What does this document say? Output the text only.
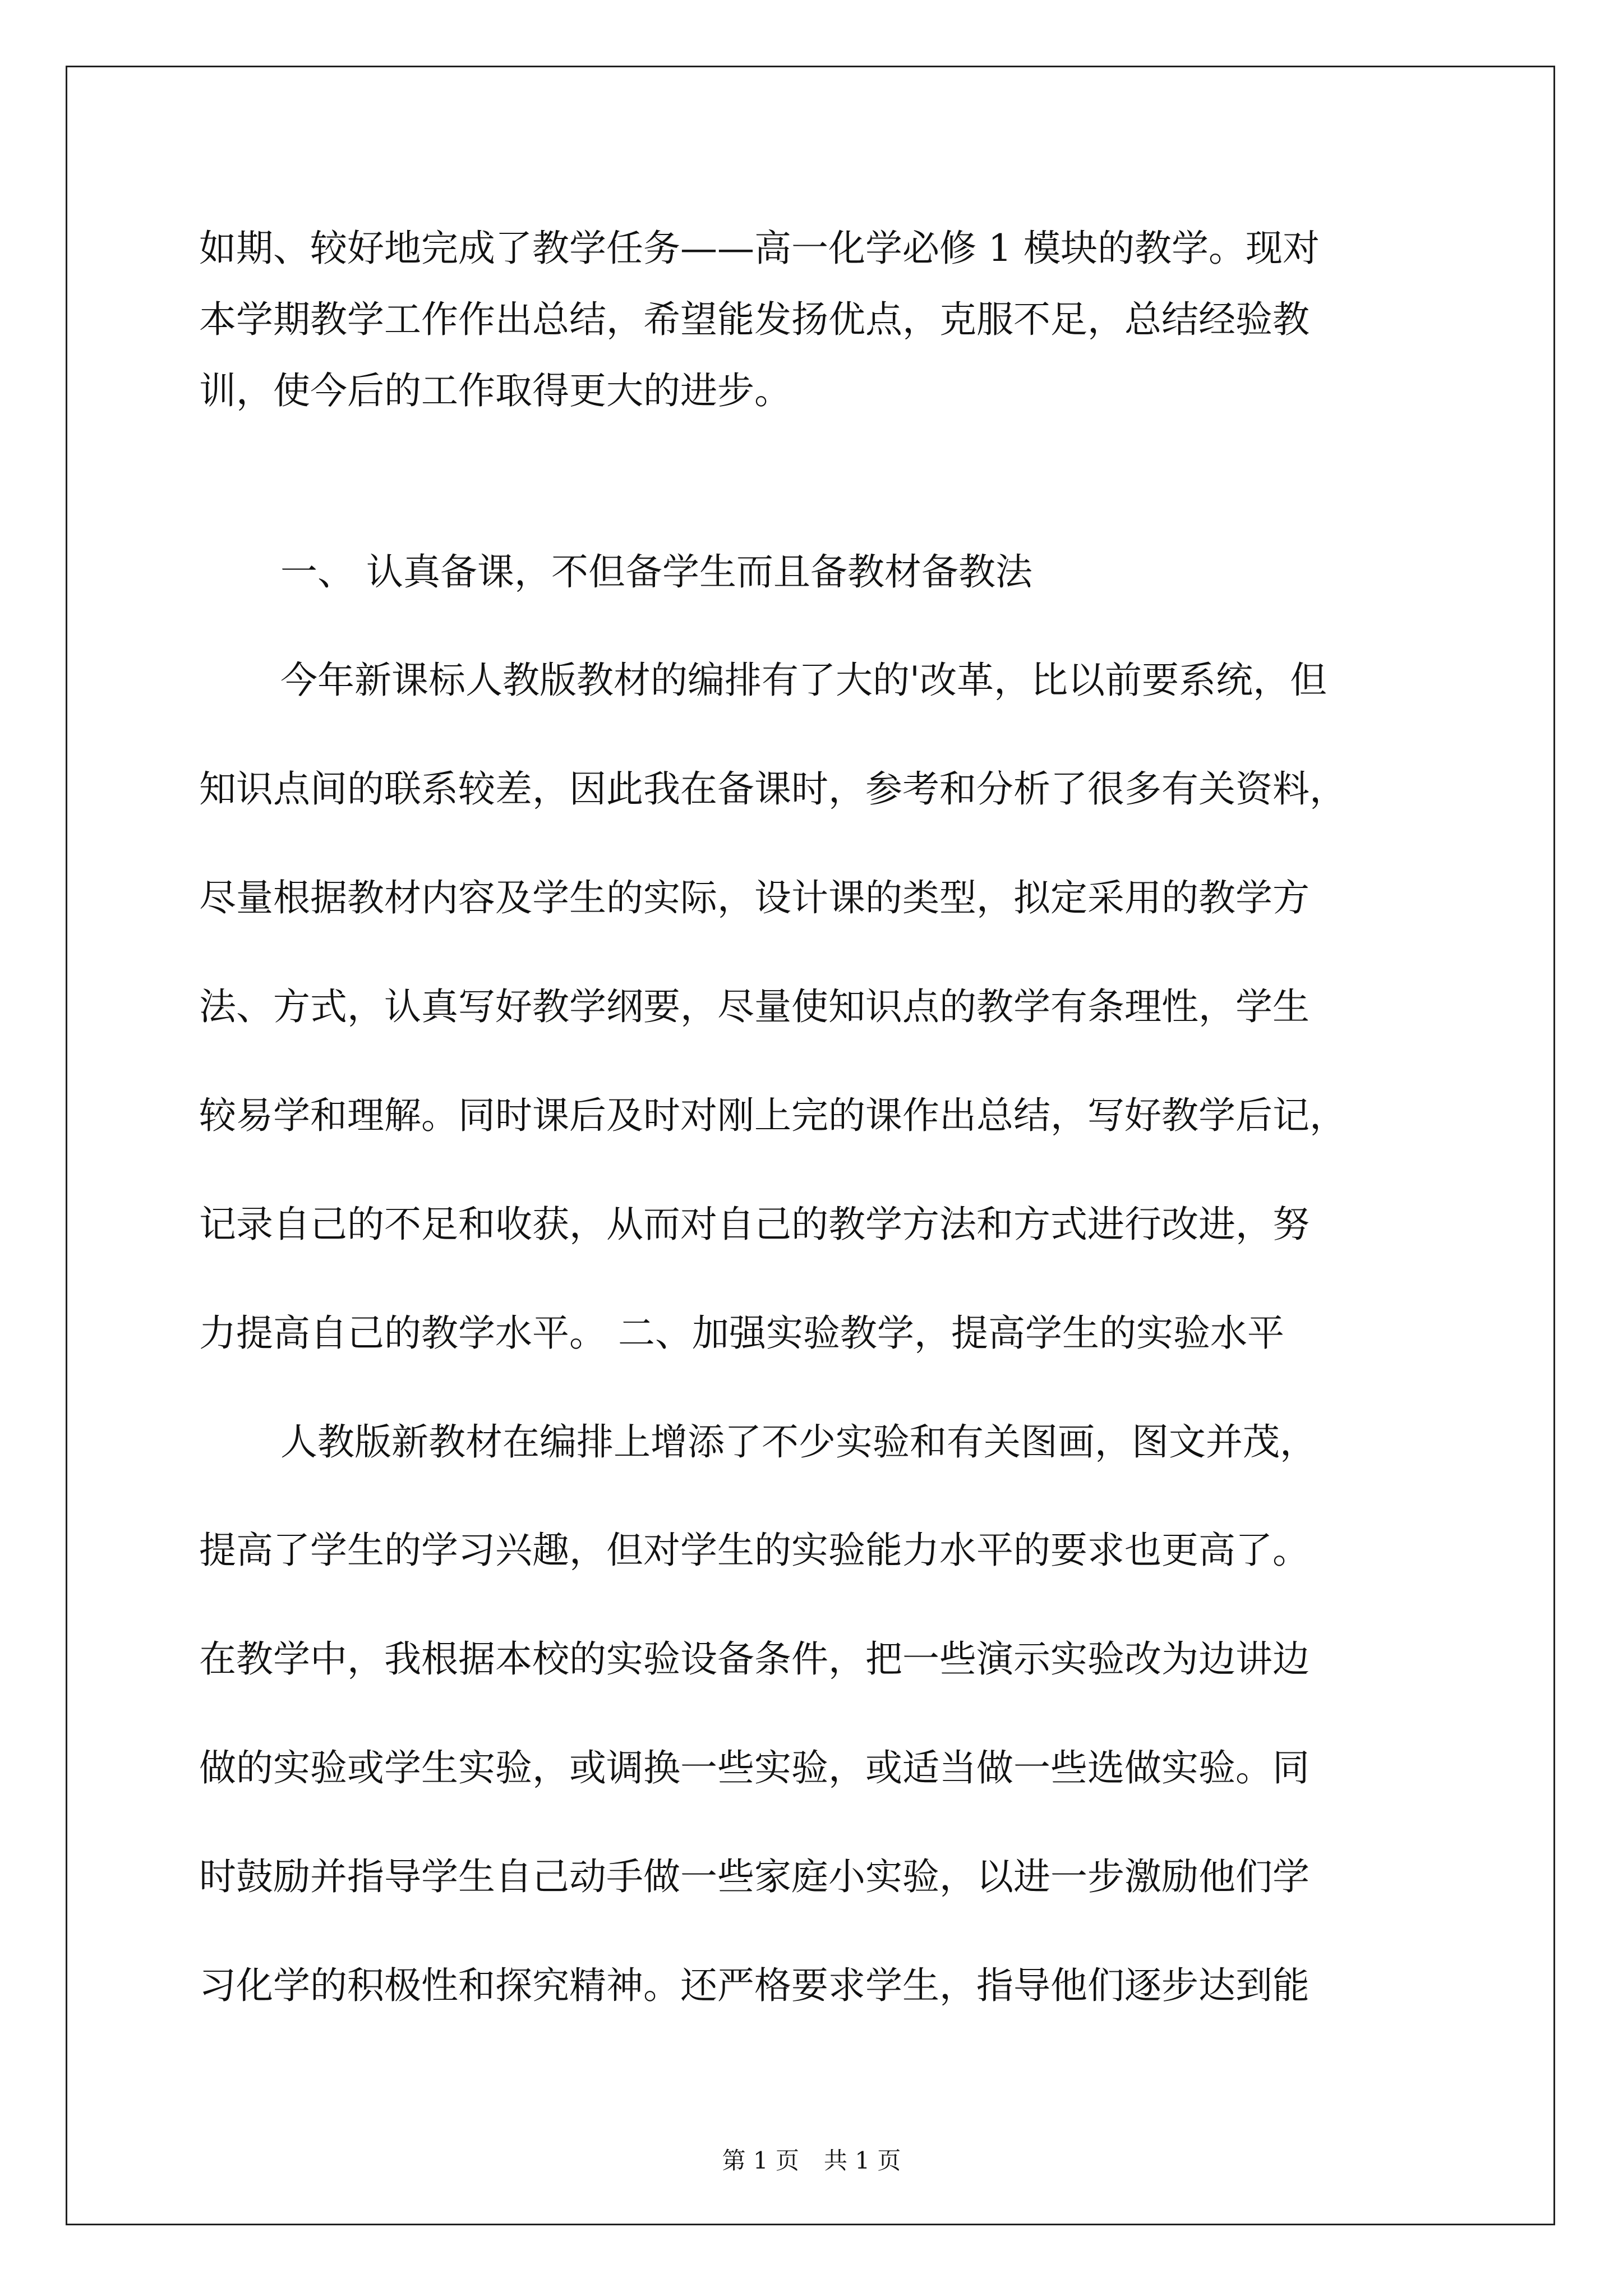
如期、较好地完成了教学任务——高一化学必修 1 模块的教学。现对
本学期教学工作作出总结，希望能发扬优点，克服不足，总结经验教
训，使今后的工作取得更大的进步。
一、 认真备课，不但备学生而且备教材备教法
今年新课标人教版教材的编排有了大的'改革，比以前要系统，但
知识点间的联系较差，因此我在备课时，参考和分析了很多有关资料，
尽量根据教材内容及学生的实际，设计课的类型，拟定采用的教学方
法、方式，认真写好教学纲要，尽量使知识点的教学有条理性，学生
较易学和理解。同时课后及时对刚上完的课作出总结，写好教学后记，
记录自己的不足和收获，从而对自己的教学方法和方式进行改进，努
力提高自己的教学水平。 二、加强实验教学，提高学生的实验水平
人教版新教材在编排上增添了不少实验和有关图画，图文并茂，
提高了学生的学习兴趣，但对学生的实验能力水平的要求也更高了。
在教学中，我根据本校的实验设备条件，把一些演示实验改为边讲边
做的实验或学生实验，或调换一些实验，或适当做一些选做实验。同
时鼓励并指导学生自己动手做一些家庭小实验，以进一步激励他们学
习化学的积极性和探究精神。还严格要求学生，指导他们逐步达到能
第 1 页 共 1 页
